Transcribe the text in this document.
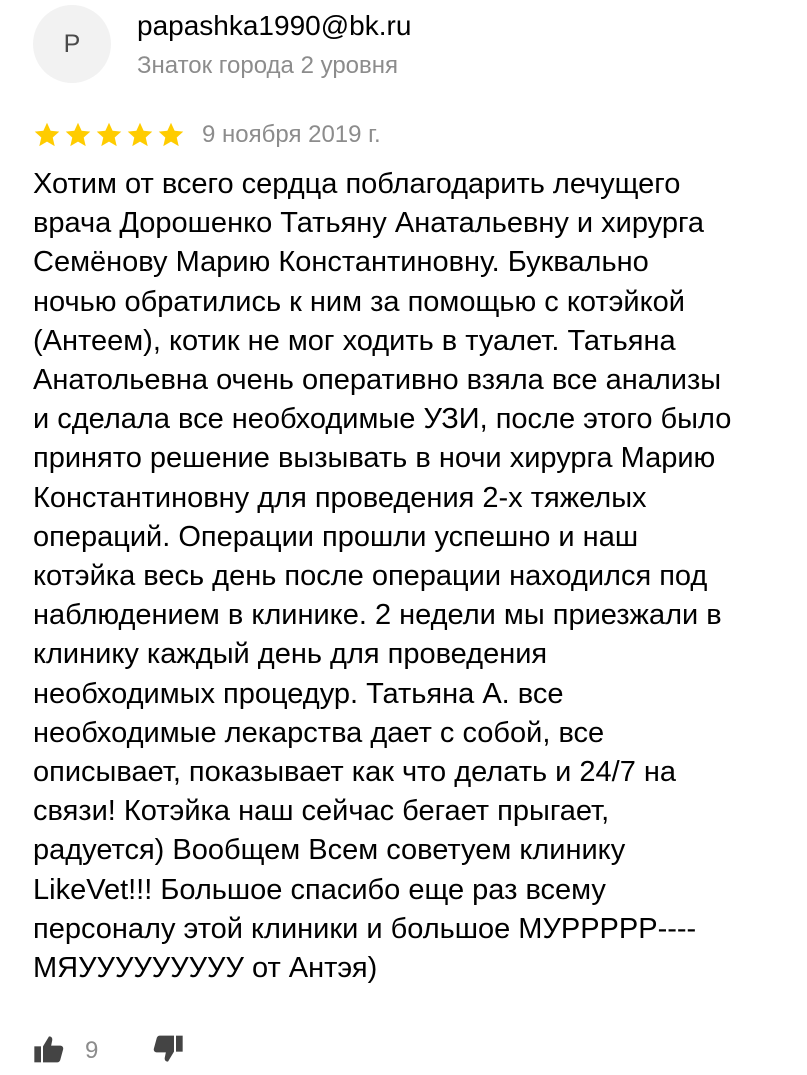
P
papashka1990@bk.ru
Знаток города 2 уровня
9 ноября 2019 г.
Хотим от всего сердца поблагодарить лечущего
врача Дорошенко Татьяну Анатальевну и хирурга
Семёнову Марию Константиновну. Буквально
ночью обратились к ним за помощью с котэйкой
(Антеем), котик не мог ходить в туалет. Татьяна
Анатольевна очень оперативно взяла все анализы
и сделала все необходимые УЗИ, после этого было
принято решение вызывать в ночи хирурга Марию
Константиновну для проведения 2-х тяжелых
операций. Операции прошли успешно и наш
котэйка весь день после операции находился под
наблюдением в клинике. 2 недели мы приезжали в
клинику каждый день для проведения
необходимых процедур. Татьяна А. все
необходимые лекарства дает с собой, все
описывает, показывает как что делать и 24/7 на
связи! Котэйка наш сейчас бегает прыгает,
радуется) Вообщем Всем советуем клинику
LikeVet!!! Большое спасибо еще раз всему
персоналу этой клиники и большое МУРРРРР----
МЯУУУУУУУУУ от Антэя)
9
